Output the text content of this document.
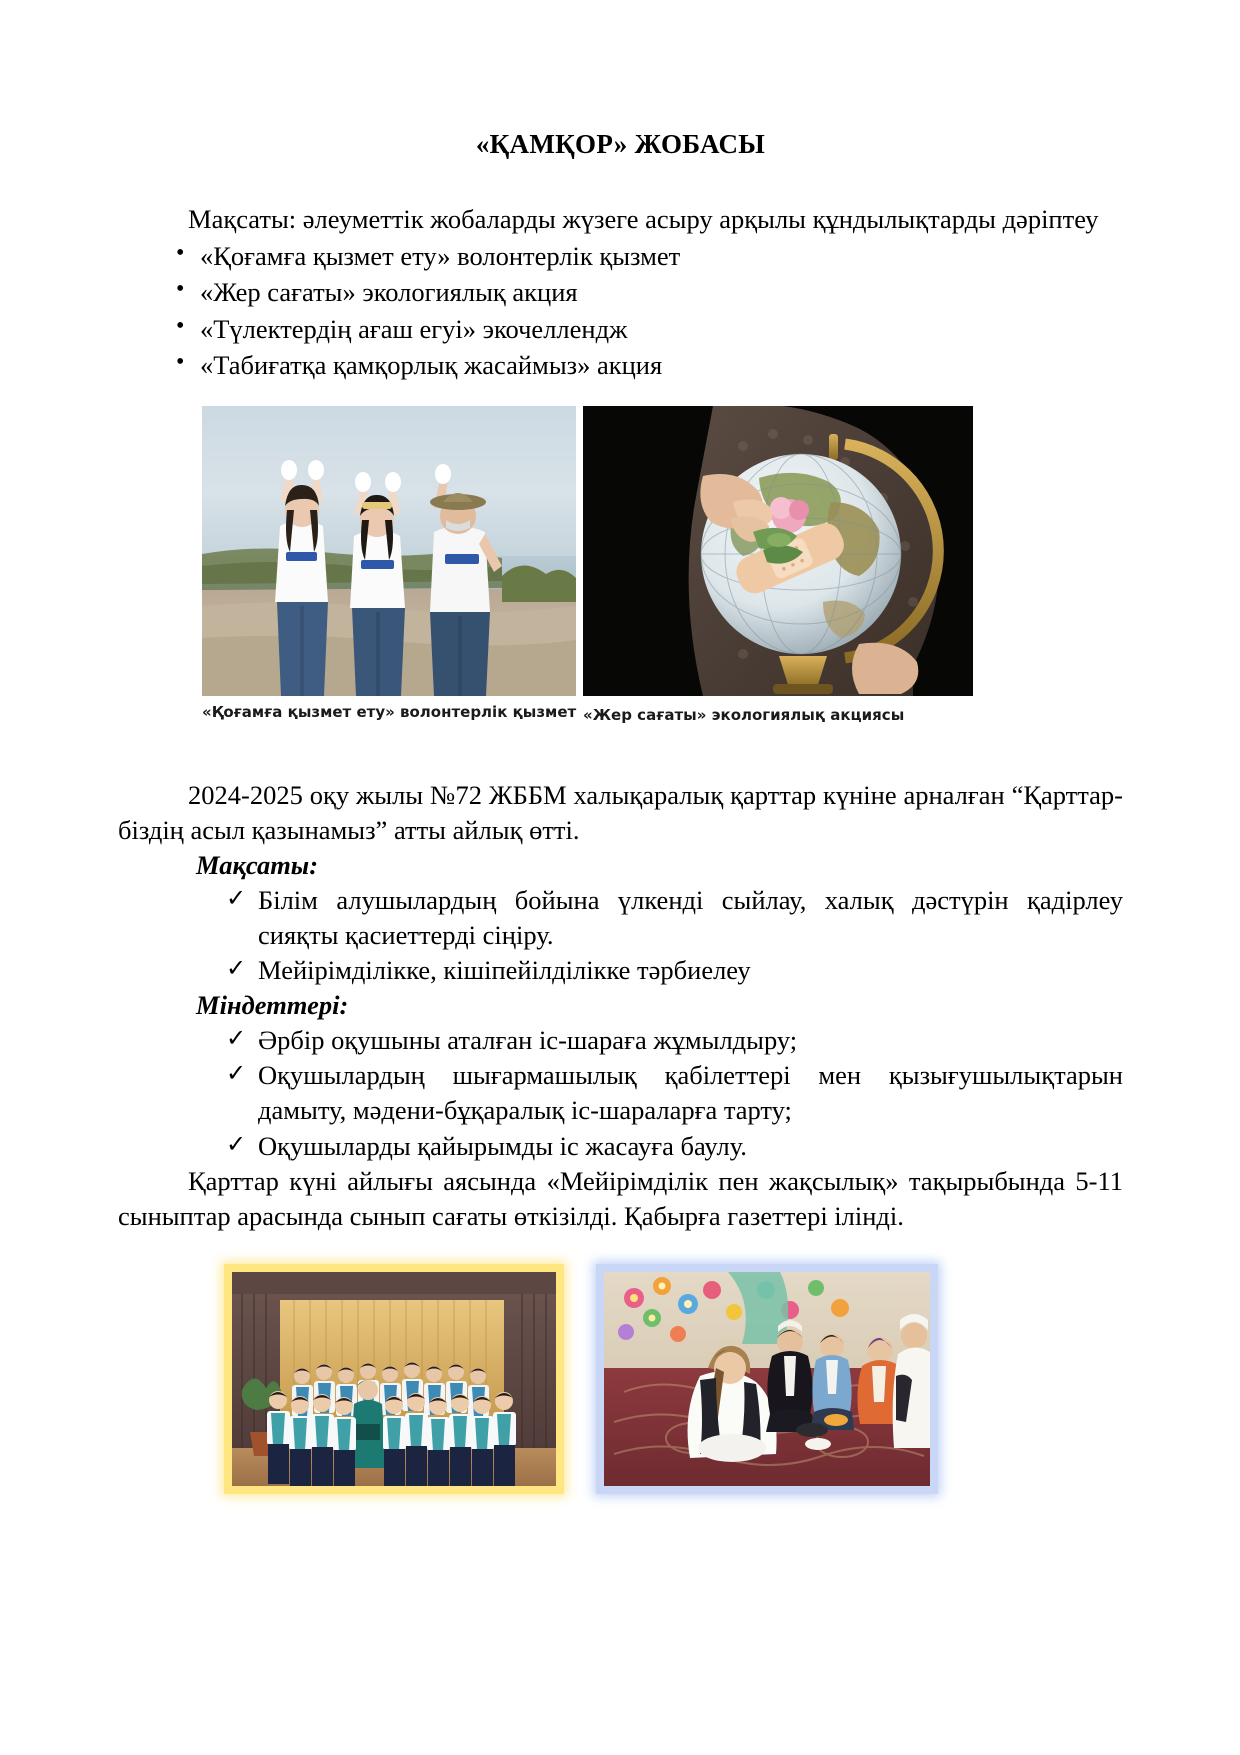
«ҚАМҚОР» ЖОБАСЫ

Мақсаты: әлеуметтік жобаларды жүзеге асыру арқылы құндылықтарды дәріптеу

• «Қоғамға қызмет ету» волонтерлік қызмет
• «Жер сағаты» экологиялық акция
• «Түлектердің ағаш егуі» экочеллендж
• «Табиғатқа қамқорлық жасаймыз» акция
«Қоғамға қызмет ету» волонтерлік қызмет «Жер сағаты» экологиялық акциясы

2024-2025 оқу жылы №72 ЖББМ халықаралық қарттар күніне арналған “Қарттар- біздің асыл қазынамыз” атты айлық өтті.

Мақсаты:

✓ Білім алушылардың бойына үлкенді сыйлау, халық дәстүрін қадірлеу сияқты қасиеттерді сіңіру.
✓ Мейірімділікке, кішіпейілділікке тәрбиелеу

Міндеттері:

✓ Әрбір оқушыны аталған іс-шараға жұмылдыру;
✓ Оқушылардың шығармашылық қабілеттері мен қызығушылықтарын дамыту, мәдени-бұқаралық іс-шараларға тарту;
✓ Оқушыларды қайырымды іс жасауға баулу.

Қарттар күні айлығы аясында «Мейірімділік пен жақсылық» тақырыбында 5-11 сыныптар арасында сынып сағаты өткізілді. Қабырға газеттері ілінді.
